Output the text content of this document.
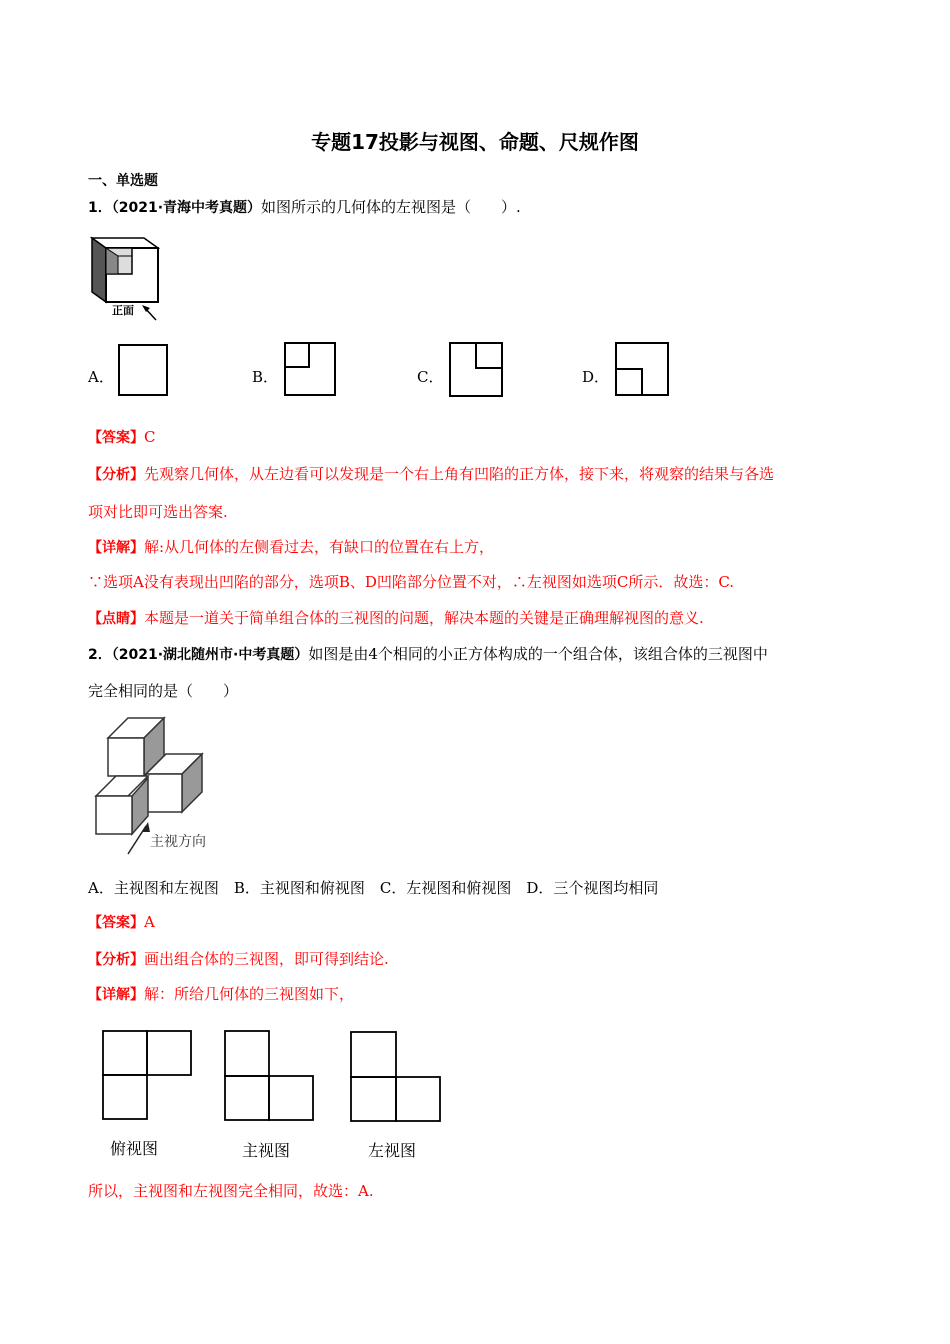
专题17投影与视图、命题、尺规作图
一、单选题
1．（2021·青海中考真题）如图所示的几何体的左视图是（　　）.
正面
A．	B．	C．	D．
【答案】C
【分析】先观察几何体，从左边看可以发现是一个右上角有凹陷的正方体，接下来，将观察的结果与各选
项对比即可选出答案.
【详解】解:从几何体的左侧看过去，有缺口的位置在右上方，
∵选项A没有表现出凹陷的部分，选项B、D凹陷部分位置不对，∴左视图如选项C所示．故选：C.
【点睛】本题是一道关于简单组合体的三视图的问题，解决本题的关键是正确理解视图的意义.
2．（2021·湖北随州市·中考真题）如图是由4个相同的小正方体构成的一个组合体，该组合体的三视图中
完全相同的是（　　）
主视方向
A．主视图和左视图　B．主视图和俯视图　C．左视图和俯视图　D．三个视图均相同
【答案】A
【分析】画出组合体的三视图，即可得到结论.
【详解】解：所给几何体的三视图如下，
俯视图	主视图	左视图
所以，主视图和左视图完全相同，故选：A.
